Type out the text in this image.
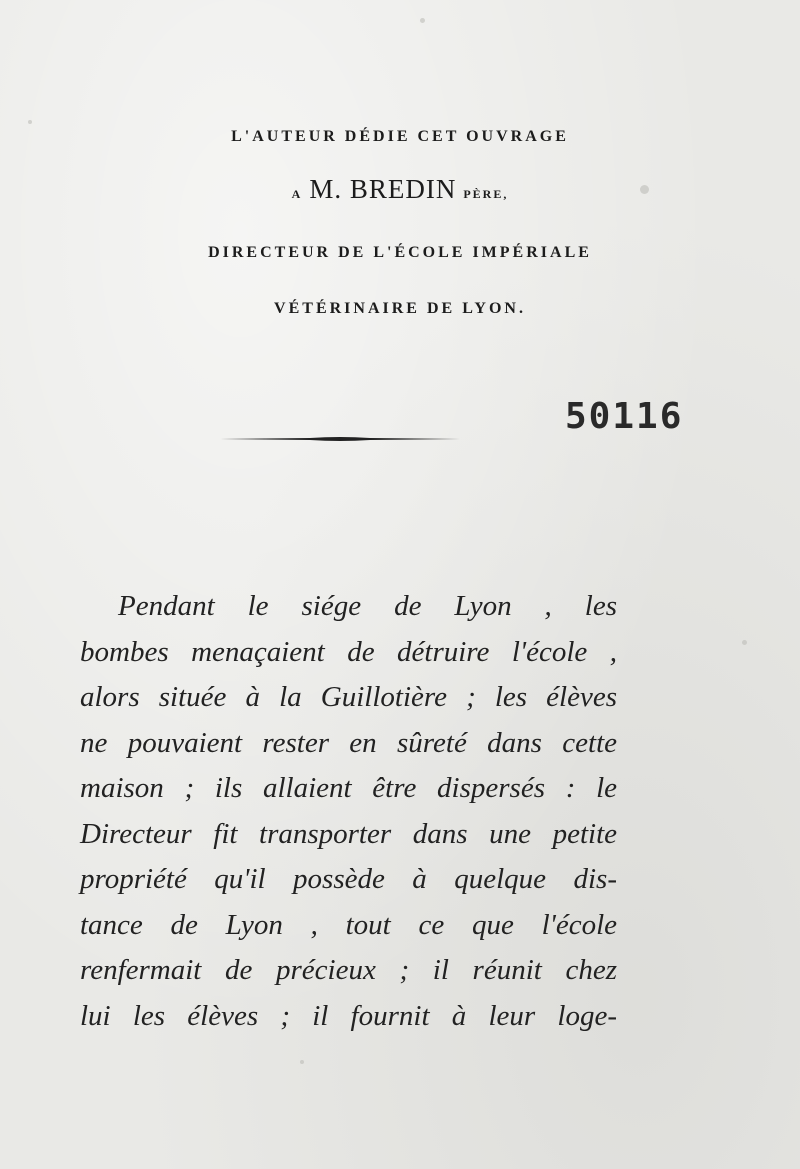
L'AUTEUR DÉDIE CET OUVRAGE
A M. BREDIN PÈRE,
DIRECTEUR DE L'ÉCOLE IMPÉRIALE
VÉTÉRINAIRE DE LYON.
50116
Pendant le siége de Lyon , les
bombes menaçaient de détruire l'école ,
alors située à la Guillotière ; les élèves
ne pouvaient rester en sûreté dans cette
maison ; ils allaient être dispersés : le
Directeur fit transporter dans une petite
propriété qu'il possède à quelque dis-
tance de Lyon , tout ce que l'école
renfermait de précieux ; il réunit chez
lui les élèves ; il fournit à leur loge-
